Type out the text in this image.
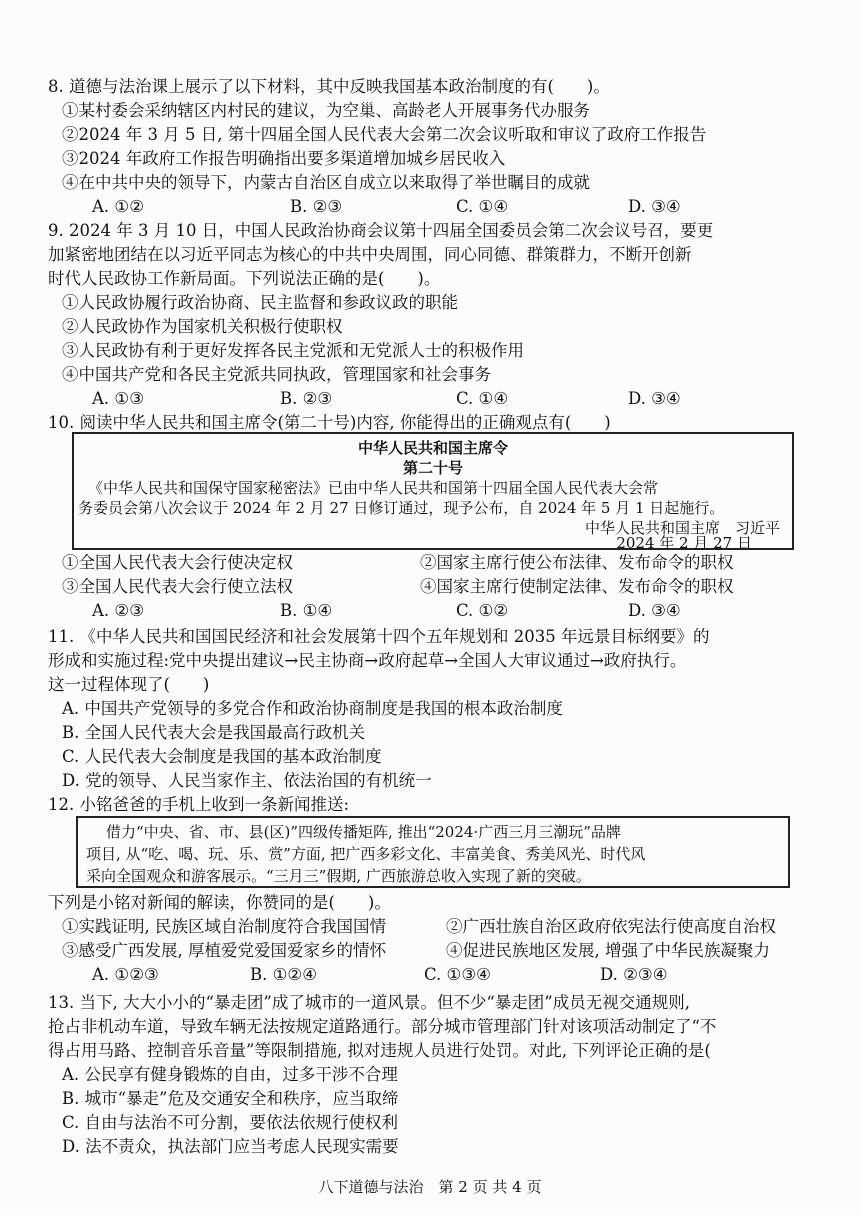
8. 道德与法治课上展示了以下材料，其中反映我国基本政治制度的有(　　)。
①某村委会采纳辖区内村民的建议，为空巢、高龄老人开展事务代办服务
②2024 年 3 月 5 日, 第十四届全国人民代表大会第二次会议听取和审议了政府工作报告
③2024 年政府工作报告明确指出要多渠道增加城乡居民收入
④在中共中央的领导下，内蒙古自治区自成立以来取得了举世瞩目的成就
A. ①②	B. ②③	C. ①④	D. ③④
9. 2024 年 3 月 10 日，中国人民政治协商会议第十四届全国委员会第二次会议号召，要更
加紧密地团结在以习近平同志为核心的中共中央周围，同心同德、群策群力，不断开创新
时代人民政协工作新局面。下列说法正确的是(　　)。
①人民政协履行政治协商、民主监督和参政议政的职能
②人民政协作为国家机关积极行使职权
③人民政协有利于更好发挥各民主党派和无党派人士的积极作用
④中国共产党和各民主党派共同执政，管理国家和社会事务
A. ①③	B. ②③	C. ①④	D. ③④
10. 阅读中华人民共和国主席令(第二十号)内容, 你能得出的正确观点有(　　)
中华人民共和国主席令
第二十号
《中华人民共和国保守国家秘密法》已由中华人民共和国第十四届全国人民代表大会常
务委员会第八次会议于 2024 年 2 月 27 日修订通过，现予公布，自 2024 年 5 月 1 日起施行。
中华人民共和国主席　习近平
2024 年 2 月 27 日
①全国人民代表大会行使决定权	②国家主席行使公布法律、发布命令的职权
③全国人民代表大会行使立法权	④国家主席行使制定法律、发布命令的职权
A. ②③	B. ①④	C. ①②	D. ③④
11. 《中华人民共和国国民经济和社会发展第十四个五年规划和 2035 年远景目标纲要》的
形成和实施过程:党中央提出建议→民主协商→政府起草→全国人大审议通过→政府执行。
这一过程体现了(　　)
A. 中国共产党领导的多党合作和政治协商制度是我国的根本政治制度
B. 全国人民代表大会是我国最高行政机关
C. 人民代表大会制度是我国的基本政治制度
D. 党的领导、人民当家作主、依法治国的有机统一
12. 小铭爸爸的手机上收到一条新闻推送:
借力“中央、省、市、县(区)”四级传播矩阵, 推出“2024·广西三月三潮玩”品牌
项目, 从“吃、喝、玩、乐、赏”方面, 把广西多彩文化、丰富美食、秀美风光、时代风
采向全国观众和游客展示。“三月三”假期, 广西旅游总收入实现了新的突破。
下列是小铭对新闻的解读，你赞同的是(　　)。
①实践证明, 民族区域自治制度符合我国国情	②广西壮族自治区政府依宪法行使高度自治权
③感受广西发展, 厚植爱党爱国爱家乡的情怀	④促进民族地区发展, 增强了中华民族凝聚力
A. ①②③	B. ①②④	C. ①③④	D. ②③④
13. 当下, 大大小小的“暴走团”成了城市的一道风景。但不少“暴走团”成员无视交通规则,
抢占非机动车道，导致车辆无法按规定道路通行。部分城市管理部门针对该项活动制定了“不
得占用马路、控制音乐音量”等限制措施, 拟对违规人员进行处罚。对此, 下列评论正确的是(
A. 公民享有健身锻炼的自由，过多干涉不合理
B. 城市“暴走”危及交通安全和秩序，应当取缔
C. 自由与法治不可分割，要依法依规行使权利
D. 法不责众，执法部门应当考虑人民现实需要
八下道德与法治　第 2 页 共 4 页
